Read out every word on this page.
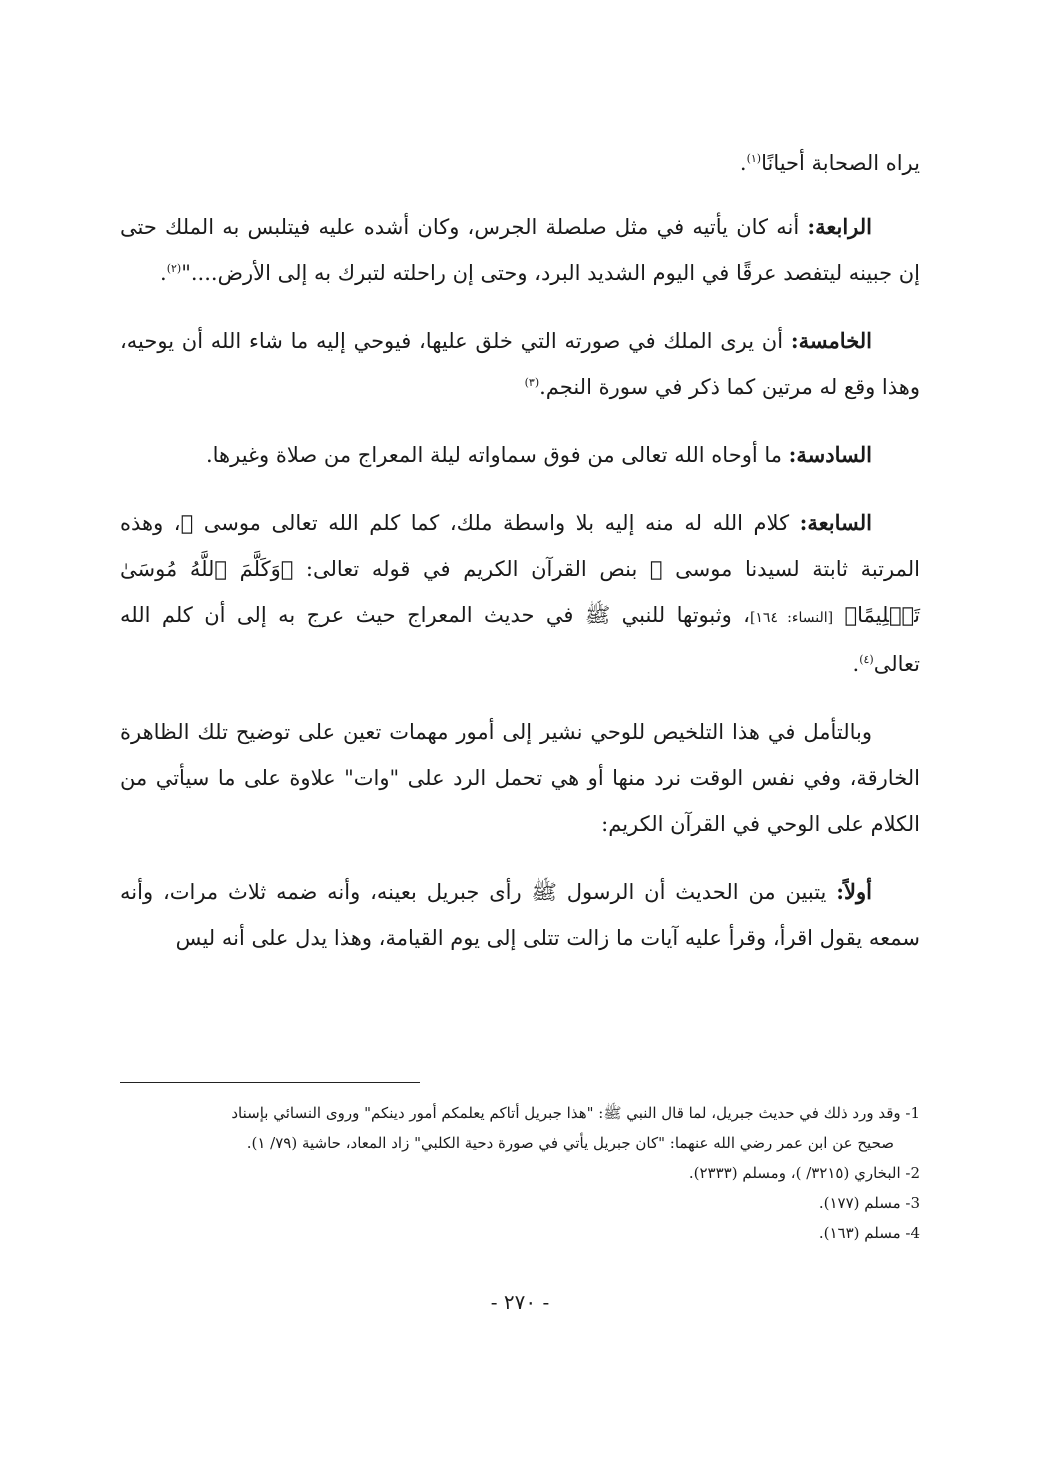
يراه الصحابة أحيانًا$^{(١)}$.

الرابعة: أنه كان يأتيه في مثل صلصلة الجرس، وكان أشده عليه فيتلبس به الملك حتى إن جبينه ليتفصد عرقًا في اليوم الشديد البرد، وحتى إن راحلته لتبرك به إلى الأرض...."$^{(٢)}$.

الخامسة: أن يرى الملك في صورته التي خلق عليها، فيوحي إليه ما شاء الله أن يوحيه، وهذا وقع له مرتين كما ذكر في سورة النجم.$^{(٣)}$

السادسة: ما أوحاه الله تعالى من فوق سماواته ليلة المعراج من صلاة وغيرها.

السابعة: كلام الله له منه إليه بلا واسطة ملك، كما كلم الله تعالى موسى ﷺ، وهذه المرتبة ثابتة لسيدنا موسى ﷺ بنص القرآن الكريم في قوله تعالى: ﴿وَكَلَّمَ ٱللَّهُ مُوسَىٰ تَكۡلِيمًا﴾ [النساء: ١٦٤]، وثبوتها للنبي ﷺ في حديث المعراج حيث عرج به إلى أن كلم الله تعالى$^{(٤)}$.

وبالتأمل في هذا التلخيص للوحي نشير إلى أمور مهمات تعين على توضيح تلك الظاهرة الخارقة، وفي نفس الوقت نرد منها أو هي تحمل الرد على "وات" علاوة على ما سيأتي من الكلام على الوحي في القرآن الكريم:

أولاً: يتبين من الحديث أن الرسول ﷺ رأى جبريل بعينه، وأنه ضمه ثلاث مرات، وأنه سمعه يقول اقرأ، وقرأ عليه آيات ما زالت تتلى إلى يوم القيامة، وهذا يدل على أنه ليس

1- وقد ورد ذلك في حديث جبريل، لما قال النبي ﷺ: "هذا جبريل أتاكم يعلمكم أمور دينكم" وروى النسائي بإسناد
صحيح عن ابن عمر رضي الله عنهما: "كان جبريل يأتي في صورة دحية الكلبي" زاد المعاد، حاشية (٧٩/ ١).

2- البخاري (٣٢١٥/ )، ومسلم (٢٣٣٣).

3- مسلم (١٧٧).

4- مسلم (١٦٣).

- ٢٧٠ -
